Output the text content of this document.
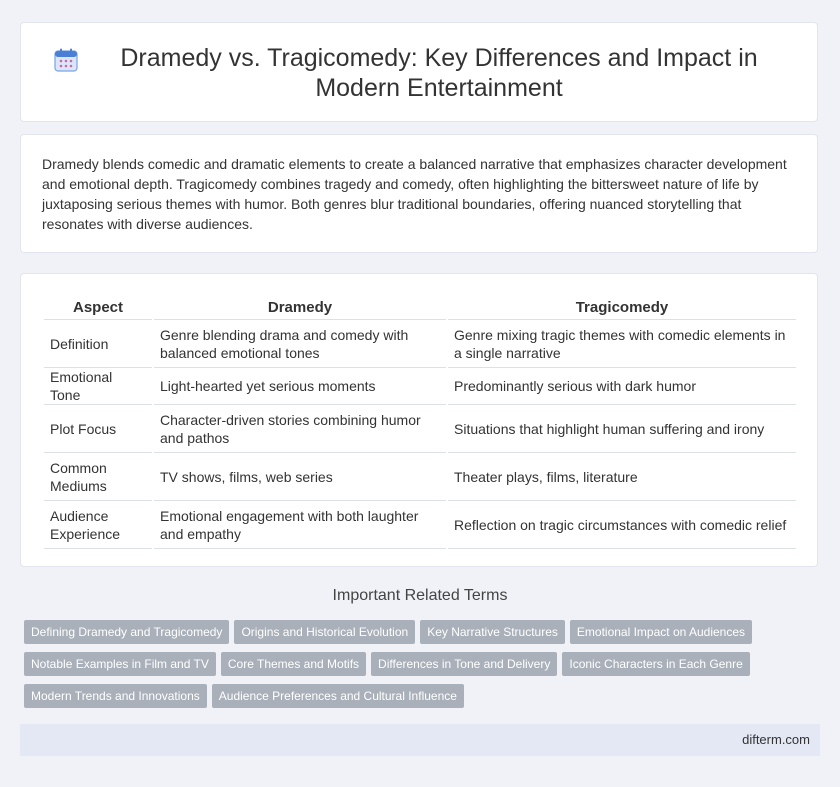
Dramedy vs. Tragicomedy: Key Differences and Impact in Modern Entertainment

Dramedy blends comedic and dramatic elements to create a balanced narrative that emphasizes character development and emotional depth. Tragicomedy combines tragedy and comedy, often highlighting the bittersweet nature of life by juxtaposing serious themes with humor. Both genres blur traditional boundaries, offering nuanced storytelling that resonates with diverse audiences.

Aspect	Dramedy	Tragicomedy
Definition	Genre blending drama and comedy with balanced emotional tones	Genre mixing tragic themes with comedic elements in a single narrative
Emotional Tone	Light-hearted yet serious moments	Predominantly serious with dark humor
Plot Focus	Character-driven stories combining humor and pathos	Situations that highlight human suffering and irony
Common Mediums	TV shows, films, web series	Theater plays, films, literature
Audience Experience	Emotional engagement with both laughter and empathy	Reflection on tragic circumstances with comedic relief
Important Related Terms
Defining Dramedy and Tragicomedy Origins and Historical Evolution Key Narrative Structures Emotional Impact on AudiencesNotable Examples in Film and TV Core Themes and Motifs Differences in Tone and Delivery Iconic Characters in Each GenreModern Trends and Innovations Audience Preferences and Cultural Influence
difterm.com
